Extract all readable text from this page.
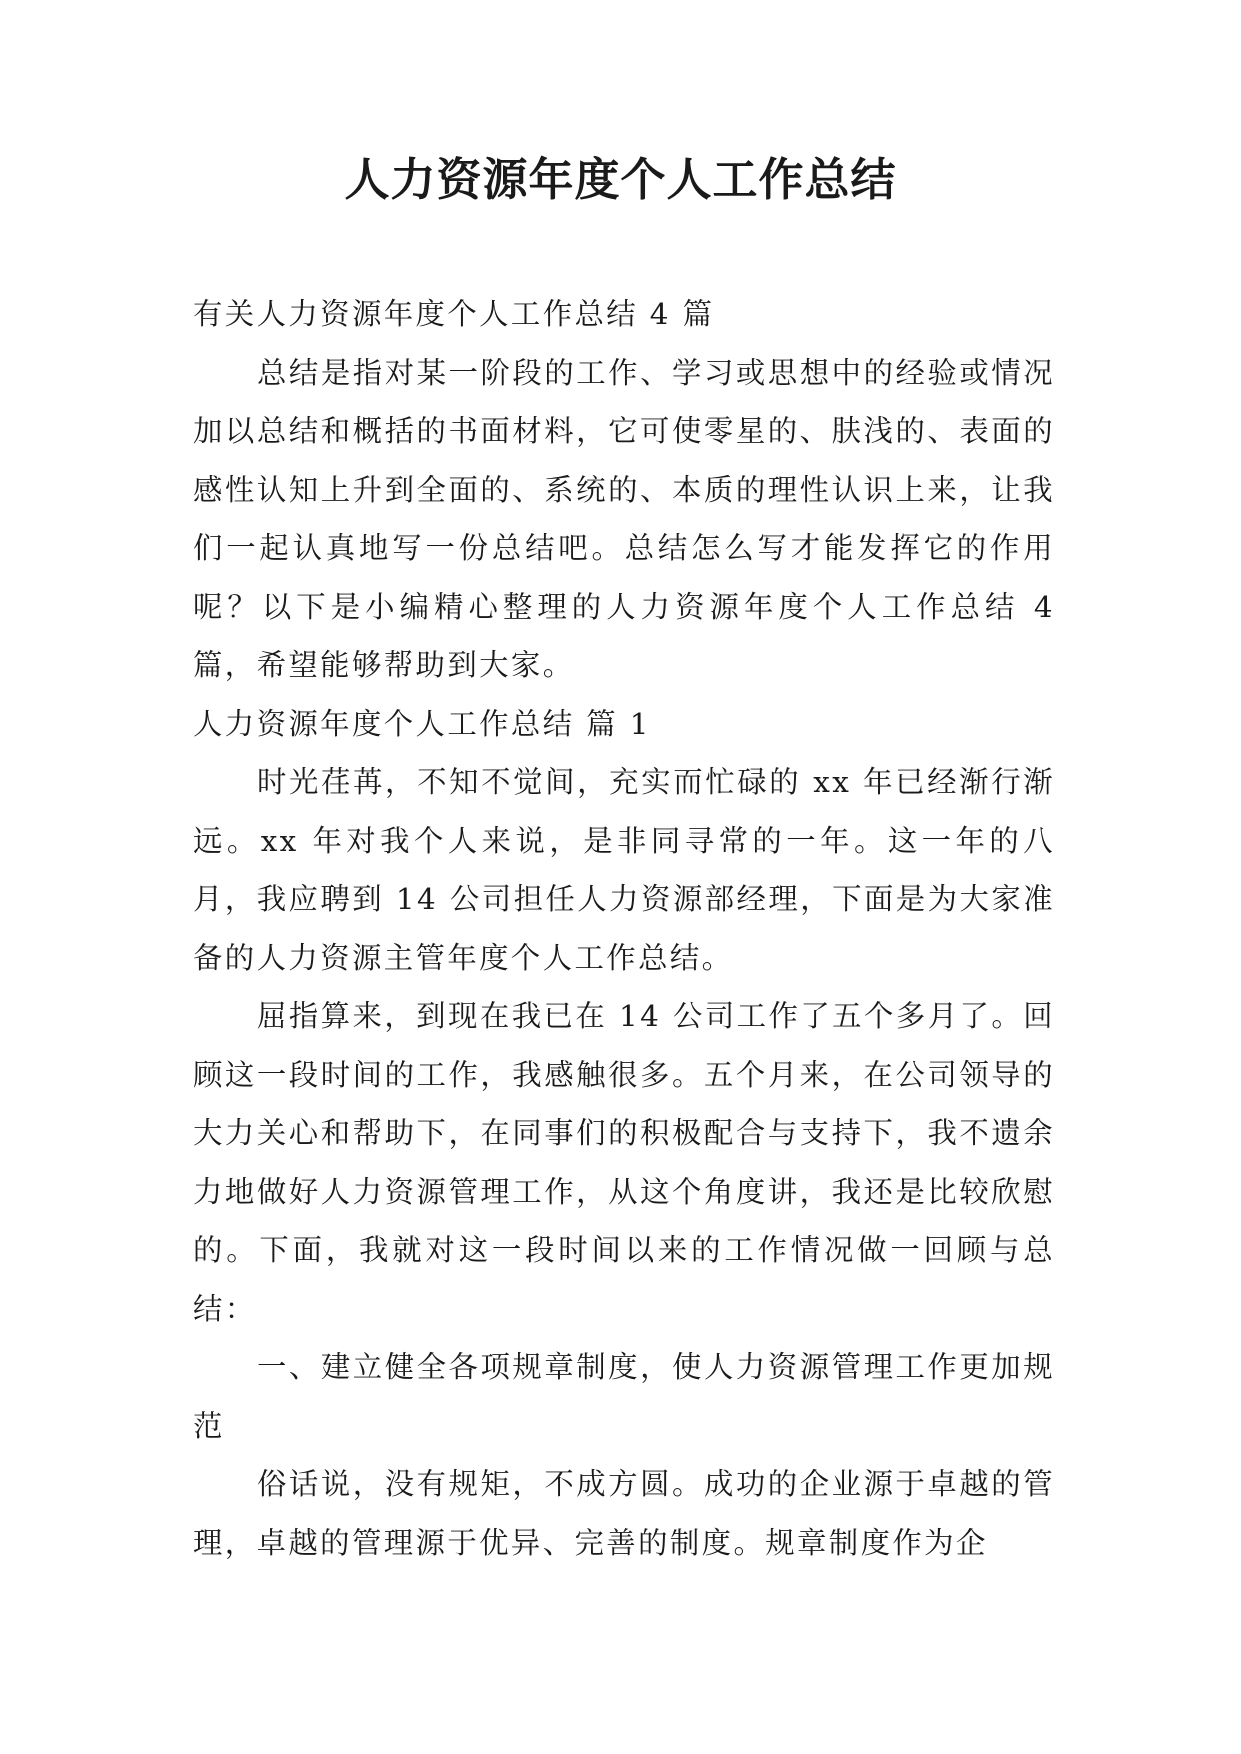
人力资源年度个人工作总结

有关人力资源年度个人工作总结 4 篇

总结是指对某一阶段的工作、学习或思想中的经验或情况加以总结和概括的书面材料，它可使零星的、肤浅的、表面的感性认知上升到全面的、系统的、本质的理性认识上来，让我们一起认真地写一份总结吧。总结怎么写才能发挥它的作用呢？以下是小编精心整理的人力资源年度个人工作总结 4 篇，希望能够帮助到大家。

人力资源年度个人工作总结 篇 1

时光荏苒，不知不觉间，充实而忙碌的 xx 年已经渐行渐远。xx 年对我个人来说，是非同寻常的一年。这一年的八月，我应聘到 14 公司担任人力资源部经理，下面是为大家准备的人力资源主管年度个人工作总结。

屈指算来，到现在我已在 14 公司工作了五个多月了。回顾这一段时间的工作，我感触很多。五个月来，在公司领导的大力关心和帮助下，在同事们的积极配合与支持下，我不遗余力地做好人力资源管理工作，从这个角度讲，我还是比较欣慰的。下面，我就对这一段时间以来的工作情况做一回顾与总结：

一、建立健全各项规章制度，使人力资源管理工作更加规范

俗话说，没有规矩，不成方圆。成功的企业源于卓越的管理，卓越的管理源于优异、完善的制度。规章制度作为企
